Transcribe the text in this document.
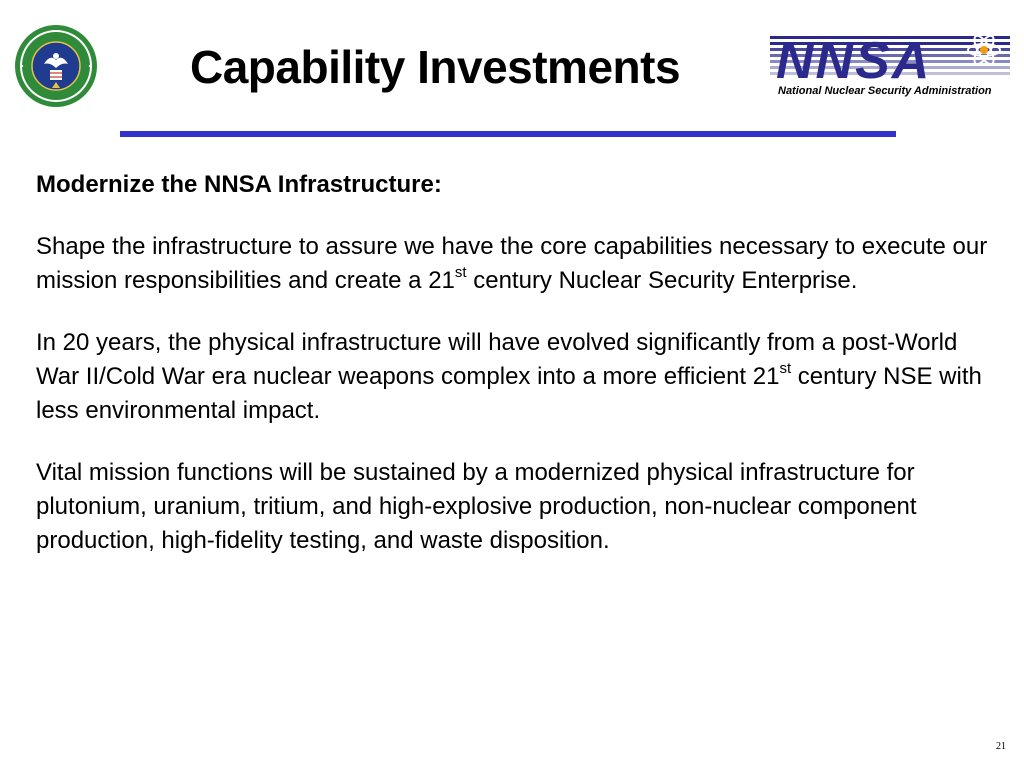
Capability Investments NNSA
National Nuclear Security Administration
Modernize the NNSA Infrastructure:
Shape the infrastructure to assure we have the core capabilities necessary to execute our mission responsibilities and create a 21st century Nuclear Security Enterprise.
In 20 years, the physical infrastructure will have evolved significantly from a post-World War II/Cold War era nuclear weapons complex into a more efficient 21st century NSE with less environmental impact.
Vital mission functions will be sustained by a modernized physical infrastructure for plutonium, uranium, tritium, and high-explosive production, non-nuclear component production, high-fidelity testing, and waste disposition.
21
